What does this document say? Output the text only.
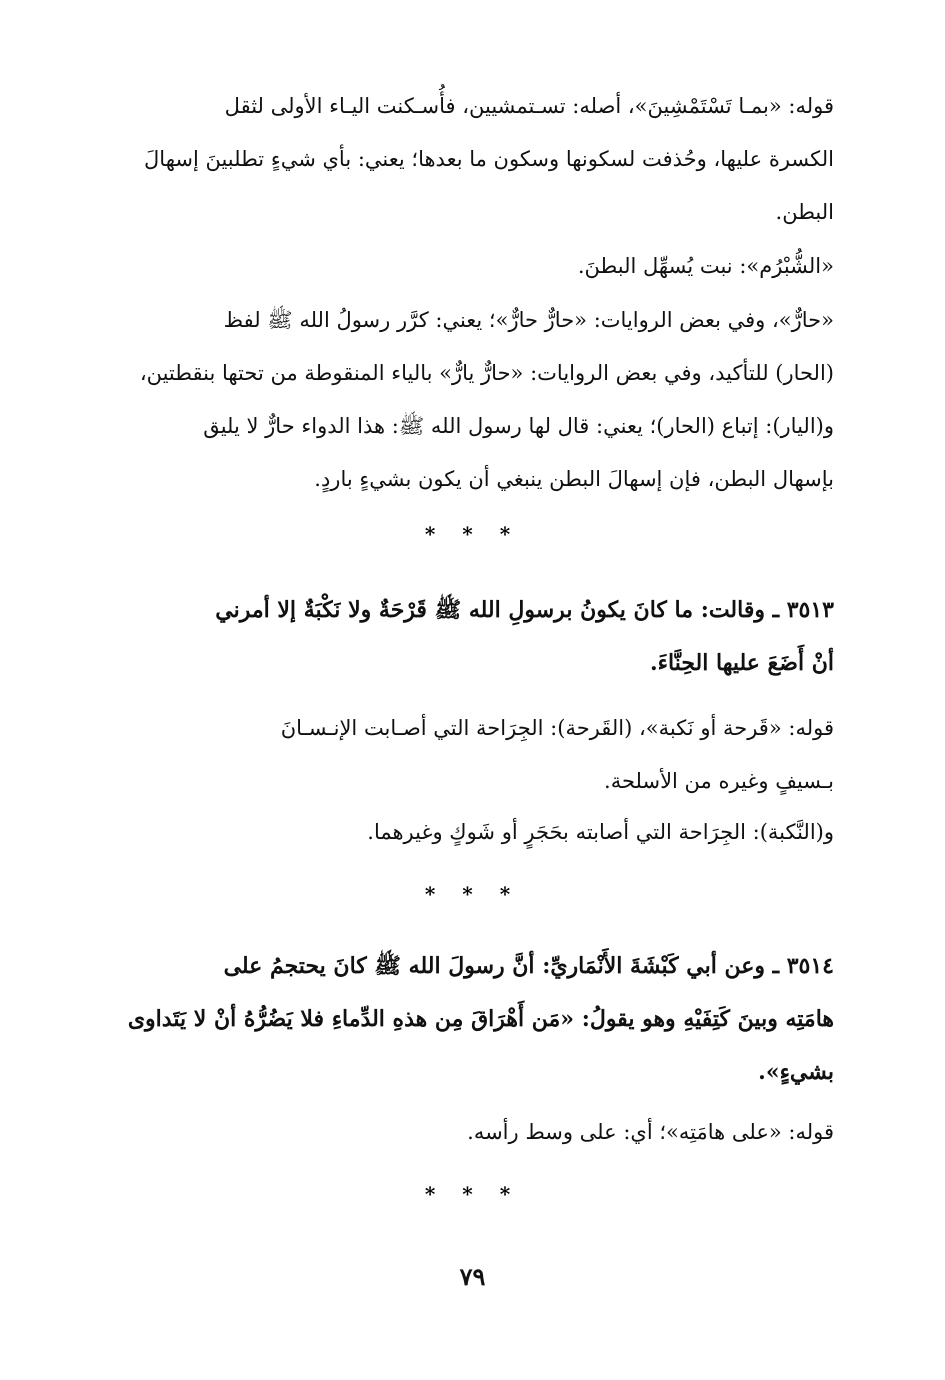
قوله: «بمـا تَسْتَمْشِينَ»، أصله: تسـتمشيين، فأُسـكنت اليـاء الأولى لثقل

الكسرة عليها، وحُذفت لسكونها وسكون ما بعدها؛ يعني: بأي شيءٍ تطلبينَ إسهالَ

البطن.

«الشُّبْرُم»: نبت يُسهِّل البطنَ.

«حارٌّ»، وفي بعض الروايات: «حارٌّ حارٌّ»؛ يعني: كرَّر رسولُ الله ﷺ لفظ

(الحار) للتأكيد، وفي بعض الروايات: «حارٌّ يارٌّ» بالياء المنقوطة من تحتها بنقطتين،

و(اليار): إتباع (الحار)؛ يعني: قال لها رسول الله ﷺ: هذا الدواء حارٌّ لا يليق

بإسهال البطن، فإن إسهالَ البطن ينبغي أن يكون بشيءٍ باردٍ.

* * *

٣٥١٣ ـ وقالت: ما كانَ يكونُ برسولِ الله ﷺ قَرْحَةٌ ولا نَكْبَةٌ إلا أمرني

أنْ أَضَعَ عليها الحِنَّاءَ.

قوله: «قَرحة أو نَكبة»، (القَرحة): الجِرَاحة التي أصـابت الإنـسـانَ

بـسيفٍ وغيره من الأسلحة.

و(النَّكبة): الجِرَاحة التي أصابته بحَجَرٍ أو شَوكٍ وغيرهما.

* * *

٣٥١٤ ـ وعن أبي كَبْشَةَ الأَنْمَاريِّ: أنَّ رسولَ الله ﷺ كانَ يحتجمُ على

هامَتِه وبينَ كَتِفَيْهِ وهو يقولُ: «مَن أَهْرَاقَ مِن هذهِ الدِّماءِ فلا يَضُرُّهُ أنْ لا يَتَداوى

بشيءٍ».

قوله: «على هامَتِه»؛ أي: على وسط رأسه.

* * *
٧٩
